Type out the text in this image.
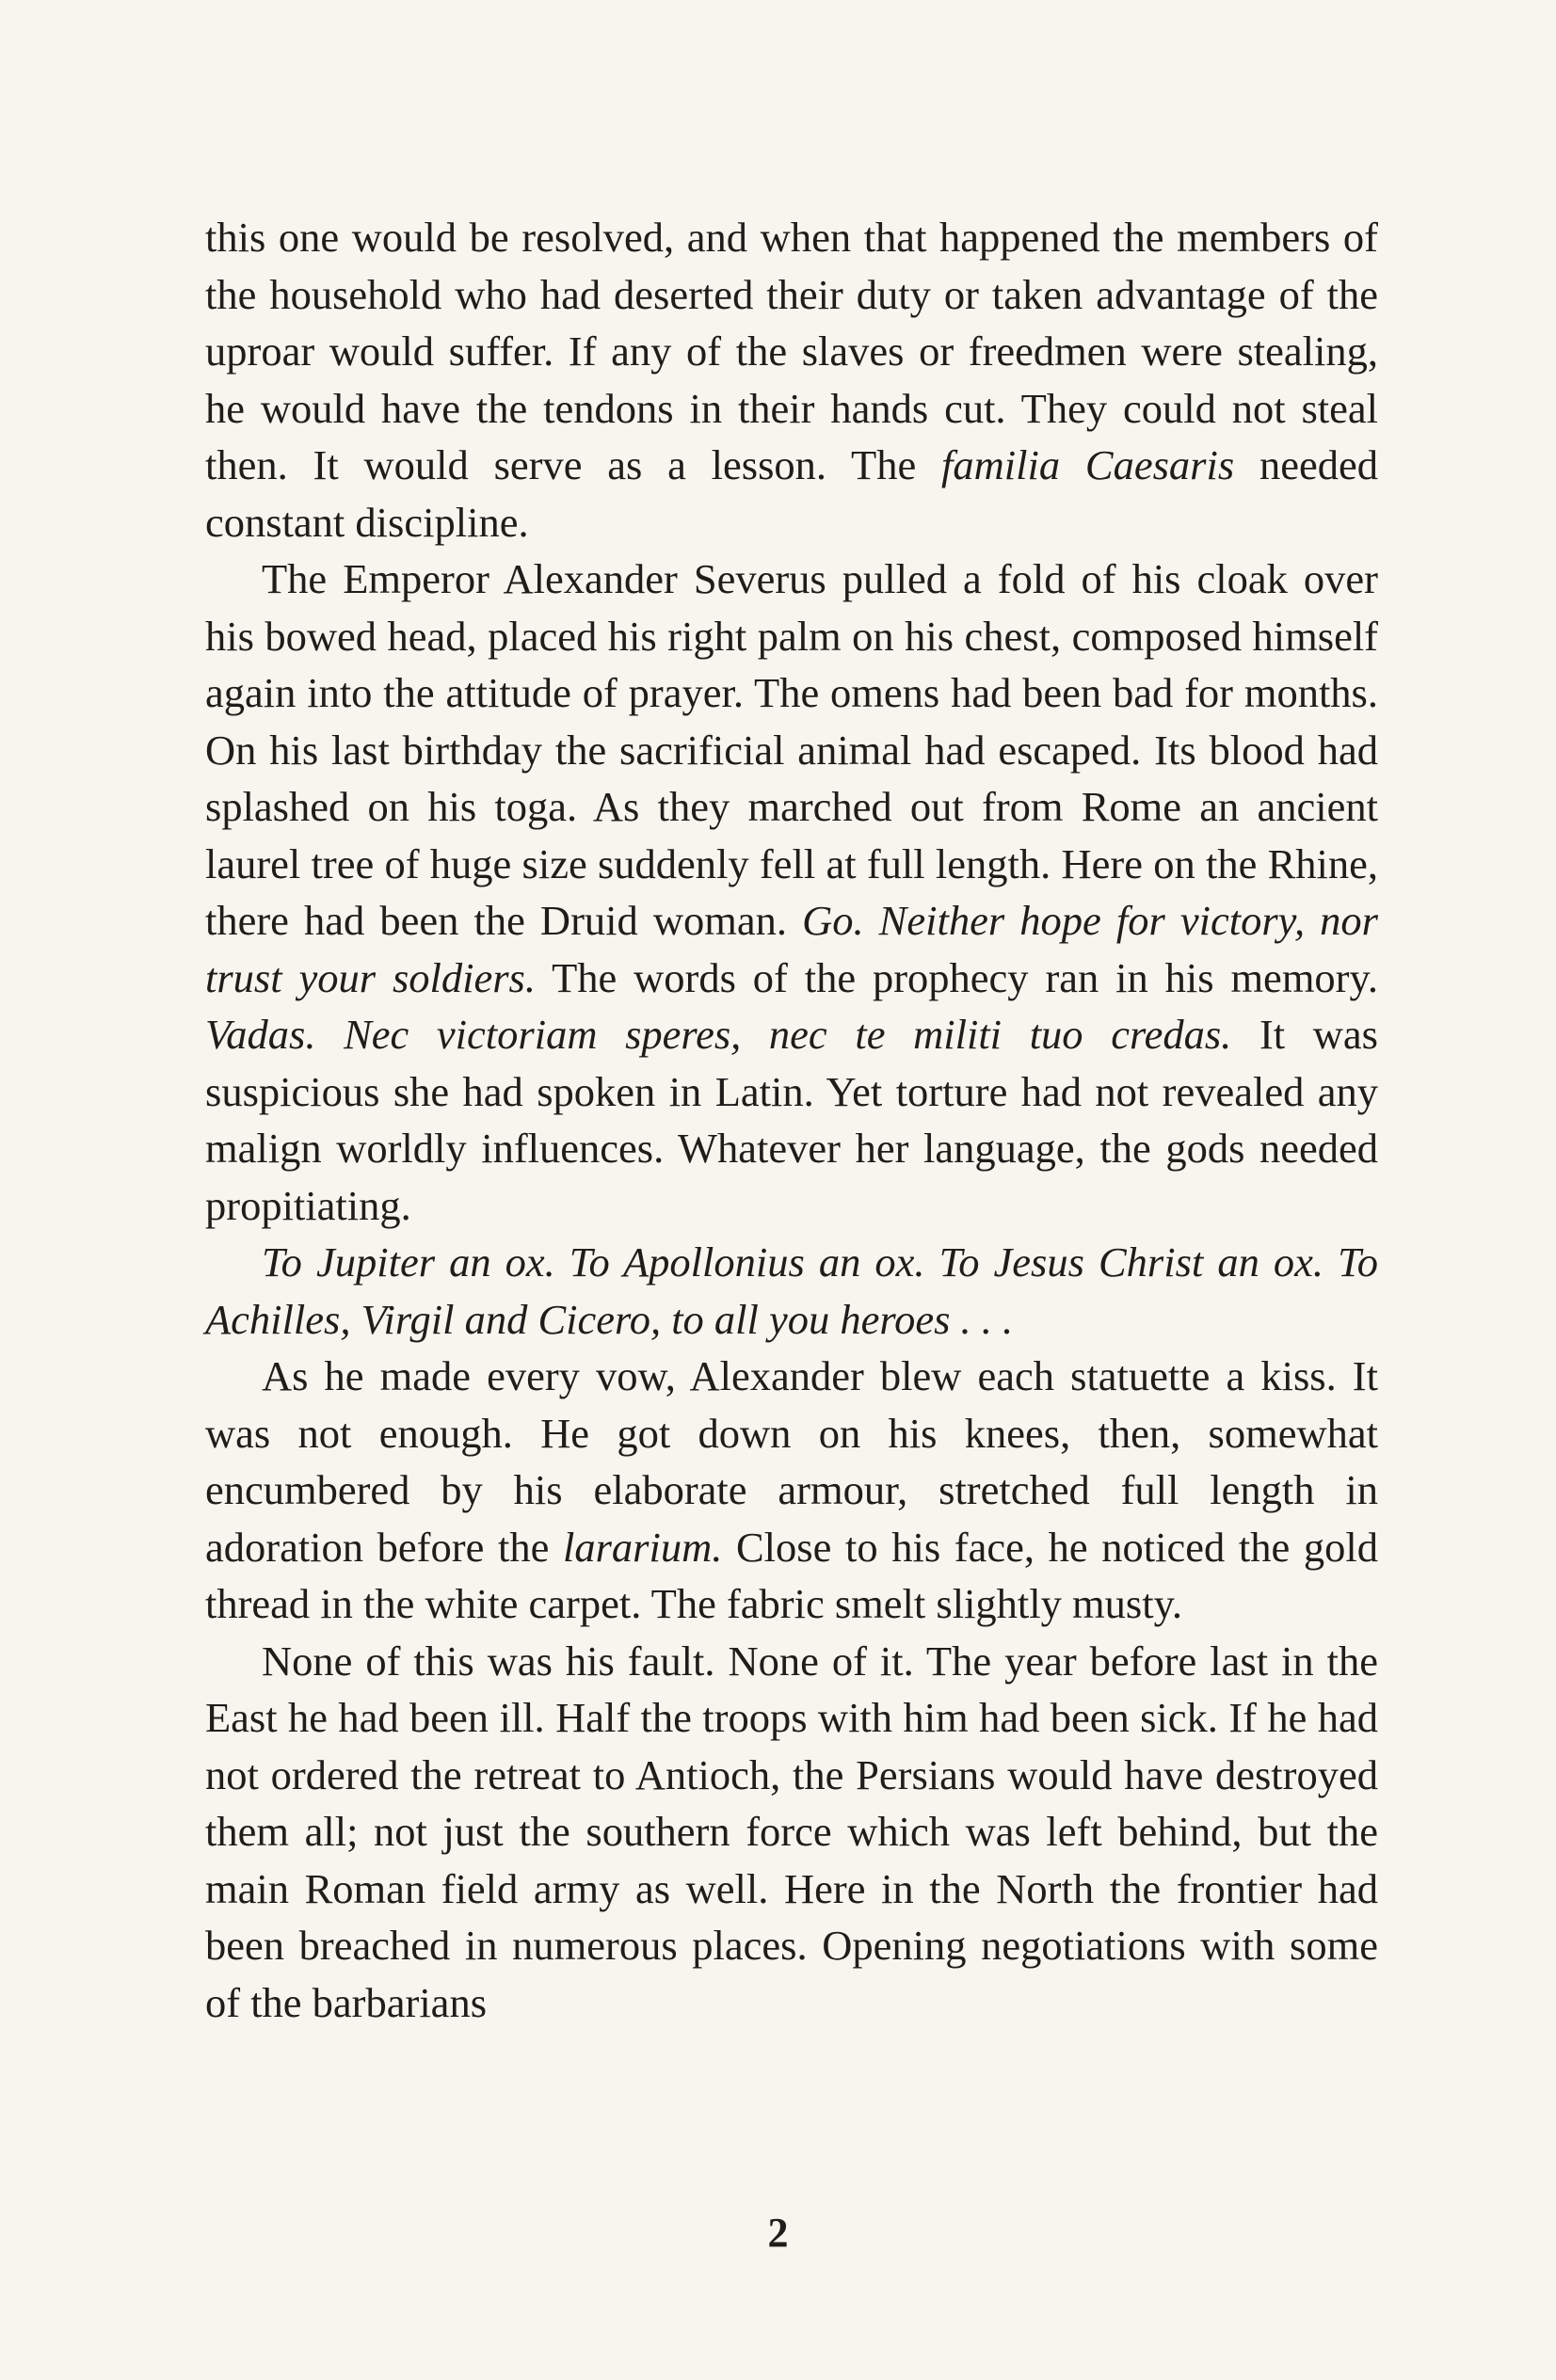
this one would be resolved, and when that happened the members of the household who had deserted their duty or taken advantage of the uproar would suffer. If any of the slaves or freedmen were stealing, he would have the tendons in their hands cut. They could not steal then. It would serve as a lesson. The familia Caesaris needed constant discipline.

The Emperor Alexander Severus pulled a fold of his cloak over his bowed head, placed his right palm on his chest, composed himself again into the attitude of prayer. The omens had been bad for months. On his last birthday the sacrificial animal had escaped. Its blood had splashed on his toga. As they marched out from Rome an ancient laurel tree of huge size suddenly fell at full length. Here on the Rhine, there had been the Druid woman. Go. Neither hope for victory, nor trust your soldiers. The words of the prophecy ran in his memory. Vadas. Nec victoriam speres, nec te militi tuo credas. It was suspicious she had spoken in Latin. Yet torture had not revealed any malign worldly influences. Whatever her language, the gods needed propitiating.

To Jupiter an ox. To Apollonius an ox. To Jesus Christ an ox. To Achilles, Virgil and Cicero, to all you heroes . . .

As he made every vow, Alexander blew each statuette a kiss. It was not enough. He got down on his knees, then, somewhat encumbered by his elaborate armour, stretched full length in adoration before the lararium. Close to his face, he noticed the gold thread in the white carpet. The fabric smelt slightly musty.

None of this was his fault. None of it. The year before last in the East he had been ill. Half the troops with him had been sick. If he had not ordered the retreat to Antioch, the Persians would have destroyed them all; not just the southern force which was left behind, but the main Roman field army as well. Here in the North the frontier had been breached in numerous places. Opening negotiations with some of the barbarians

2
